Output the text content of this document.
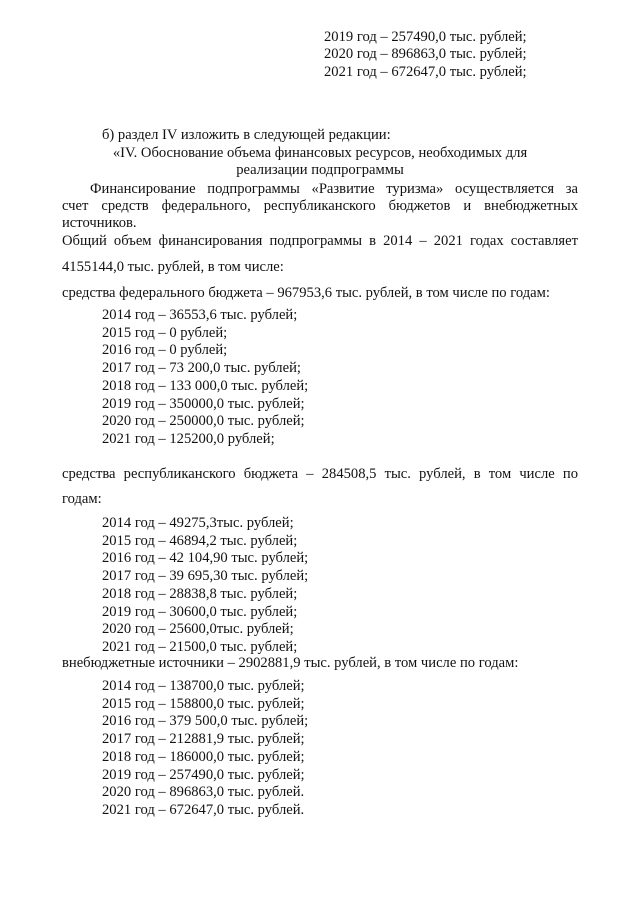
2019 год – 257490,0 тыс. рублей;
2020 год – 896863,0 тыс. рублей;
2021 год – 672647,0 тыс. рублей;
б) раздел IV изложить в следующей редакции:
«IV. Обоснование объема финансовых ресурсов, необходимых для
реализации подпрограммы
Финансирование подпрограммы «Развитие туризма» осуществляется за
счет средств федерального, республиканского бюджетов и внебюджетных
источников.
Общий объем финансирования подпрограммы в 2014 – 2021 годах составляет
4155144,0 тыс. рублей, в том числе:
средства федерального бюджета – 967953,6 тыс. рублей, в том числе по годам:
2014 год – 36553,6 тыс. рублей;
2015 год – 0 рублей;
2016 год – 0 рублей;
2017 год – 73 200,0 тыс. рублей;
2018 год – 133 000,0 тыс. рублей;
2019 год – 350000,0 тыс. рублей;
2020 год – 250000,0 тыс. рублей;
2021 год – 125200,0 рублей;
средства республиканского бюджета – 284508,5 тыс. рублей, в том числе по
годам:
2014 год – 49275,3тыс. рублей;
2015 год – 46894,2 тыс. рублей;
2016 год – 42 104,90 тыс. рублей;
2017 год – 39 695,30 тыс. рублей;
2018 год – 28838,8 тыс. рублей;
2019 год – 30600,0 тыс. рублей;
2020 год – 25600,0тыс. рублей;
2021 год – 21500,0 тыс. рублей;
внебюджетные источники – 2902881,9 тыс. рублей, в том числе по годам:
2014 год – 138700,0 тыс. рублей;
2015 год – 158800,0 тыс. рублей;
2016 год – 379 500,0 тыс. рублей;
2017 год – 212881,9 тыс. рублей;
2018 год – 186000,0 тыс. рублей;
2019 год – 257490,0 тыс. рублей;
2020 год – 896863,0 тыс. рублей.
2021 год – 672647,0 тыс. рублей.
